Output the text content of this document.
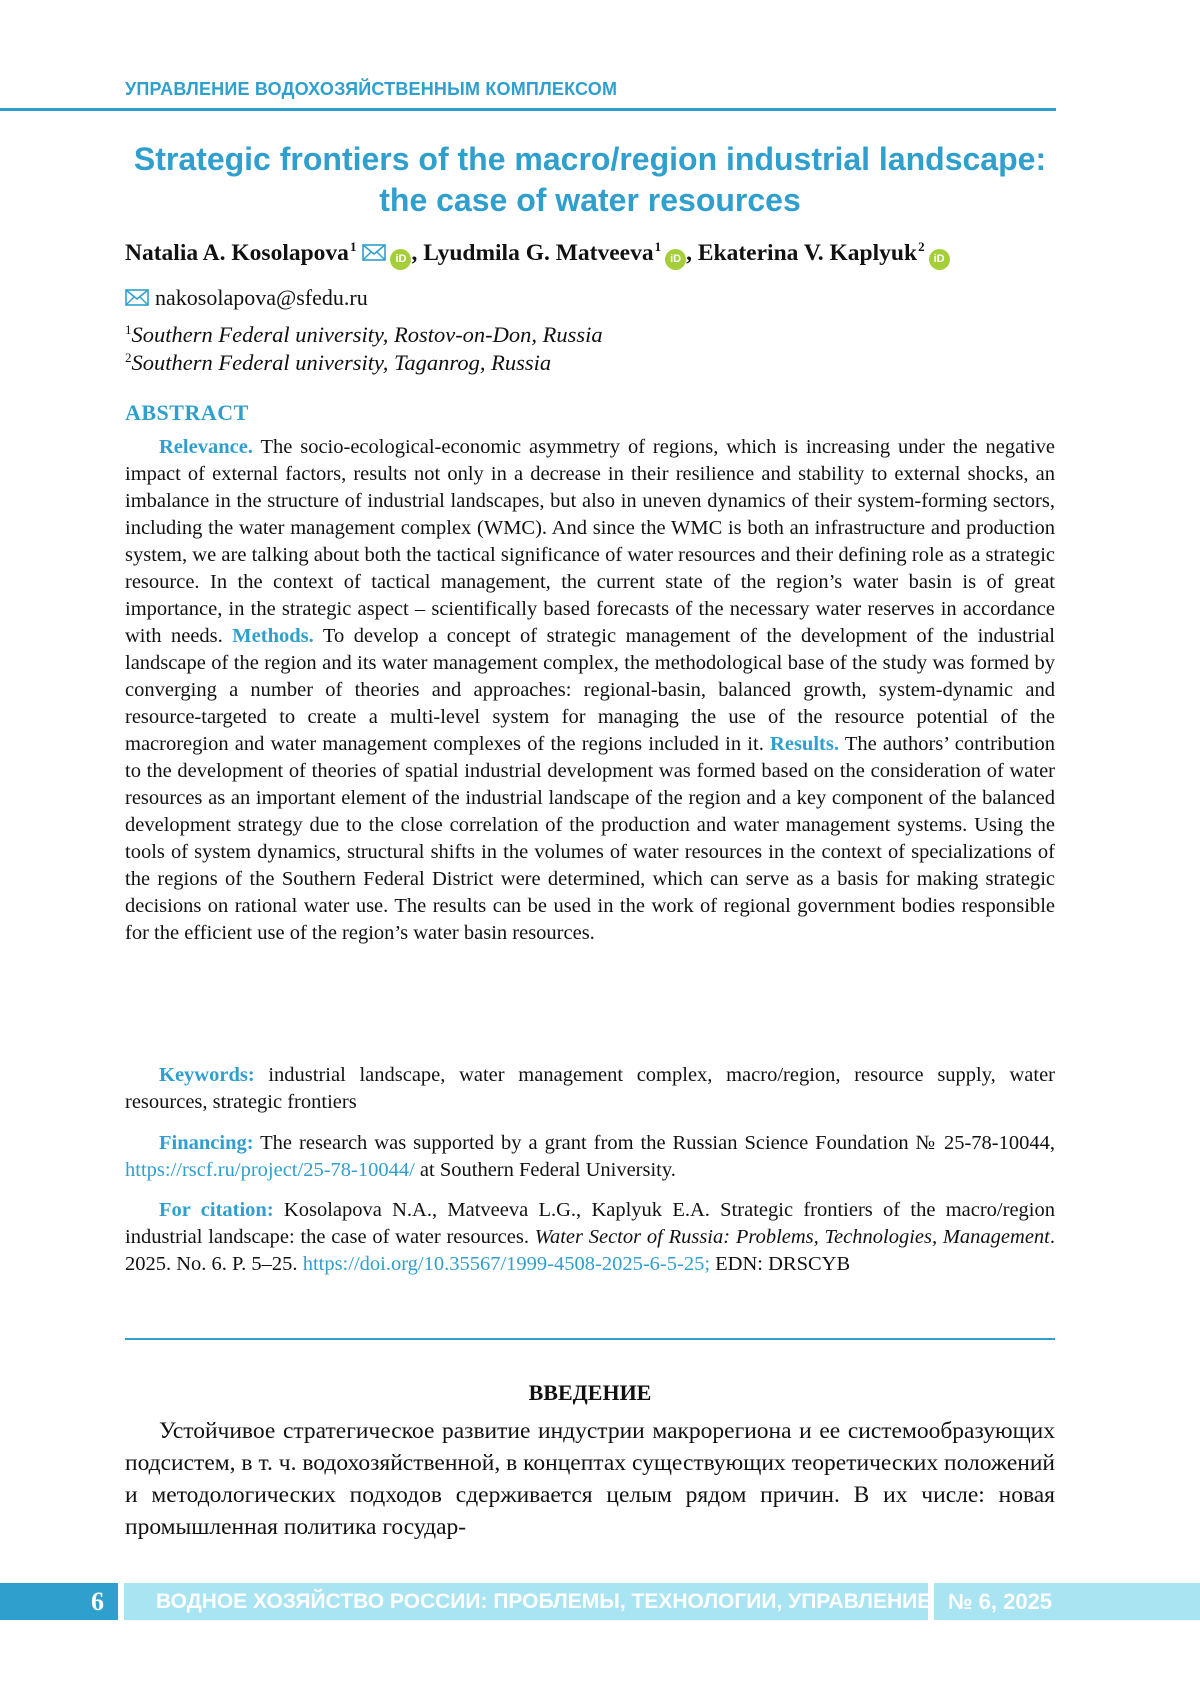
УПРАВЛЕНИЕ ВОДОХОЗЯЙСТВЕННЫМ КОМПЛЕКСОМ
Strategic frontiers of the macro/region industrial landscape: the case of water resources
Natalia A. Kosolapova$^1$
iD , Lyudmila G. Matveeva$^1$iD , Ekaterina V. Kaplyuk$^2$iD
nakosolapova@sfedu.ru
$^1$Southern Federal university, Rostov-on-Don, Russia
$^2$Southern Federal university, Taganrog, Russia
ABSTRACT
Relevance. The socio-ecological-economic asymmetry of regions, which is increasing under the negative impact of external factors, results not only in a decrease in their resilience and stability to external shocks, an imbalance in the structure of industrial landscapes, but also in uneven dynamics of their system-forming sectors, including the water management complex (WMC). And since the WMC is both an infrastructure and production system, we are talking about both the tactical significance of water resources and their defining role as a strategic resource. In the context of tactical management, the current state of the region’s water basin is of great importance, in the strategic aspect – scientifically based forecasts of the necessary water reserves in accordance with needs. Methods. To develop a concept of strategic management of the development of the industrial landscape of the region and its water management complex, the methodological base of the study was formed by converging a number of theories and approaches: regional-basin, balanced growth, system-dynamic and resource-targeted to create a multi-level system for managing the use of the resource potential of the macroregion and water management complexes of the regions included in it. Results. The authors’ contribution to the development of theories of spatial industrial development was formed based on the consideration of water resources as an important element of the industrial landscape of the region and a key component of the balanced development strategy due to the close correlation of the production and water management systems. Using the tools of system dynamics, structural shifts in the volumes of water resources in the context of specializations of the regions of the Southern Federal District were determined, which can serve as a basis for making strategic decisions on rational water use. The results can be used in the work of regional government bodies responsible for the efficient use of the region’s water basin resources.
Keywords: industrial landscape, water management complex, macro/region, resource supply, water resources, strategic frontiers
Financing: The research was supported by a grant from the Russian Science Foundation № 25-78-10044, https://rscf.ru/project/25-78-10044/ at Southern Federal University.
For citation: Kosolapova N.A., Matveeva L.G., Kaplyuk E.A. Strategic frontiers of the macro/region industrial landscape: the case of water resources. Water Sector of Russia: Problems, Technologies, Management. 2025. No. 6. P. 5–25. https://doi.org/10.35567/1999-4508-2025-6-5-25; EDN: DRSCYB
ВВЕДЕНИЕ
Устойчивое стратегическое развитие индустрии макрорегиона и ее системообразующих подсистем, в т. ч. водохозяйственной, в концептах существующих теоретических положений и методологических подходов сдерживается целым рядом причин. В их числе: новая промышленная политика государ-
6	ВОДНОЕ ХОЗЯЙСТВО РОССИИ: ПРОБЛЕМЫ, ТЕХНОЛОГИИ, УПРАВЛЕНИЕ № 6, 2025
